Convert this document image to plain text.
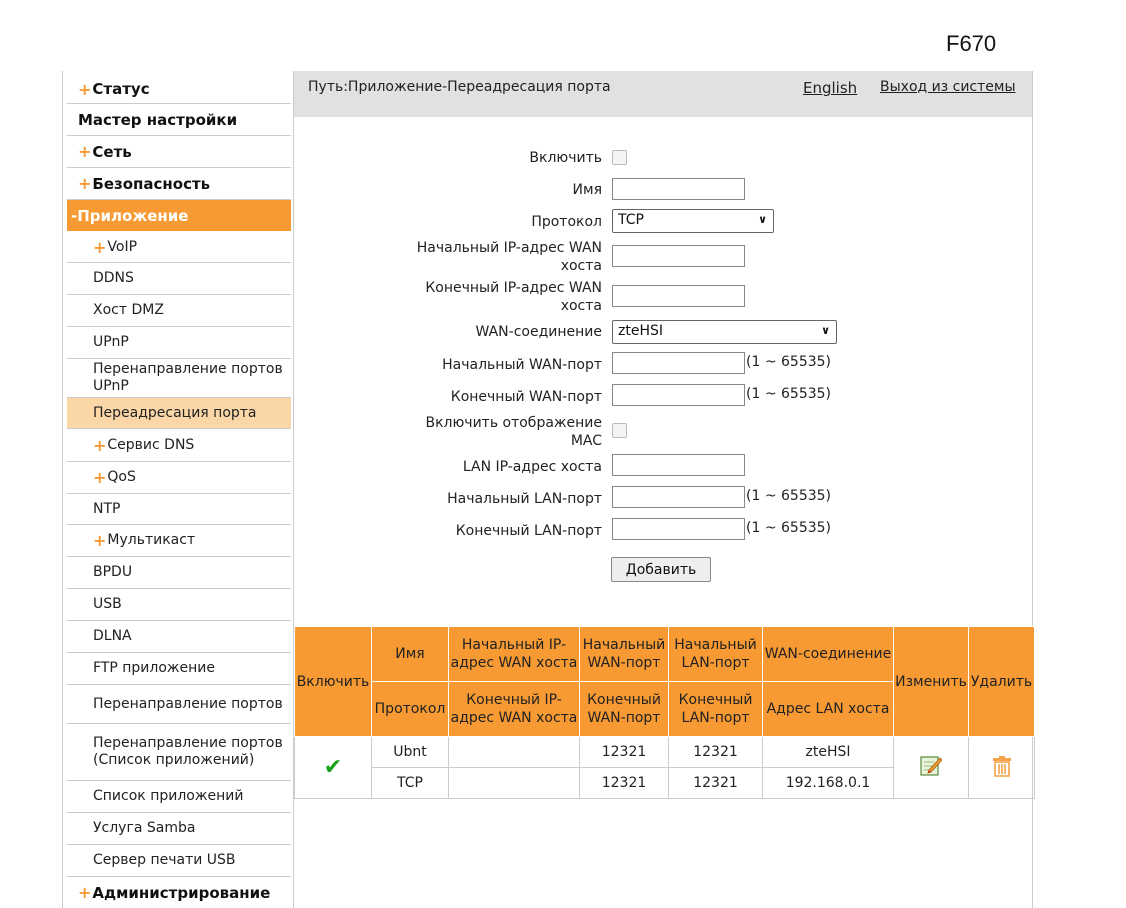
F670
+ Статус
Мастер настройки
+ Сеть
+ Безопасность
-Приложение
+ VoIP
DDNS
Хост DMZ
UPnP
Перенаправление портов UPnP
Переадресация порта
+ Сервис DNS
+ QoS
NTP
+ Мультикаст
BPDU
USB
DLNA
FTP приложение
Перенаправление портов
Перенаправление портов (Список приложений)
Список приложений
Услуга Samba
Сервер печати USB
+ Администрирование
Путь:Приложение-Переадресация порта	English Выход из системы
Включить
Имя
Протокол	TCP	∨
Начальный IP-адрес WAN хоста
Конечный IP-адрес WAN хоста
WAN-соединение	zteHSI	∨
Начальный WAN-порт	(1 ~ 65535)
Конечный WAN-порт	(1 ~ 65535)
Включить отображение MAC
LAN IP-адрес хоста
Начальный LAN-порт	(1 ~ 65535)
Конечный LAN-порт	(1 ~ 65535)
Добавить
Включить	Имя	Начальный IP-адрес WAN хоста	Начальный WAN-порт	Начальный LAN-порт	WAN-соединение	Изменить	Удалить
	Протокол	Конечный IP-адрес WAN хоста	Конечный WAN-порт	Конечный LAN-порт	Адрес LAN хоста		
✔	Ubnt		12321	12321	zteHSI		
	TCP		12321	12321	192.168.0.1		
